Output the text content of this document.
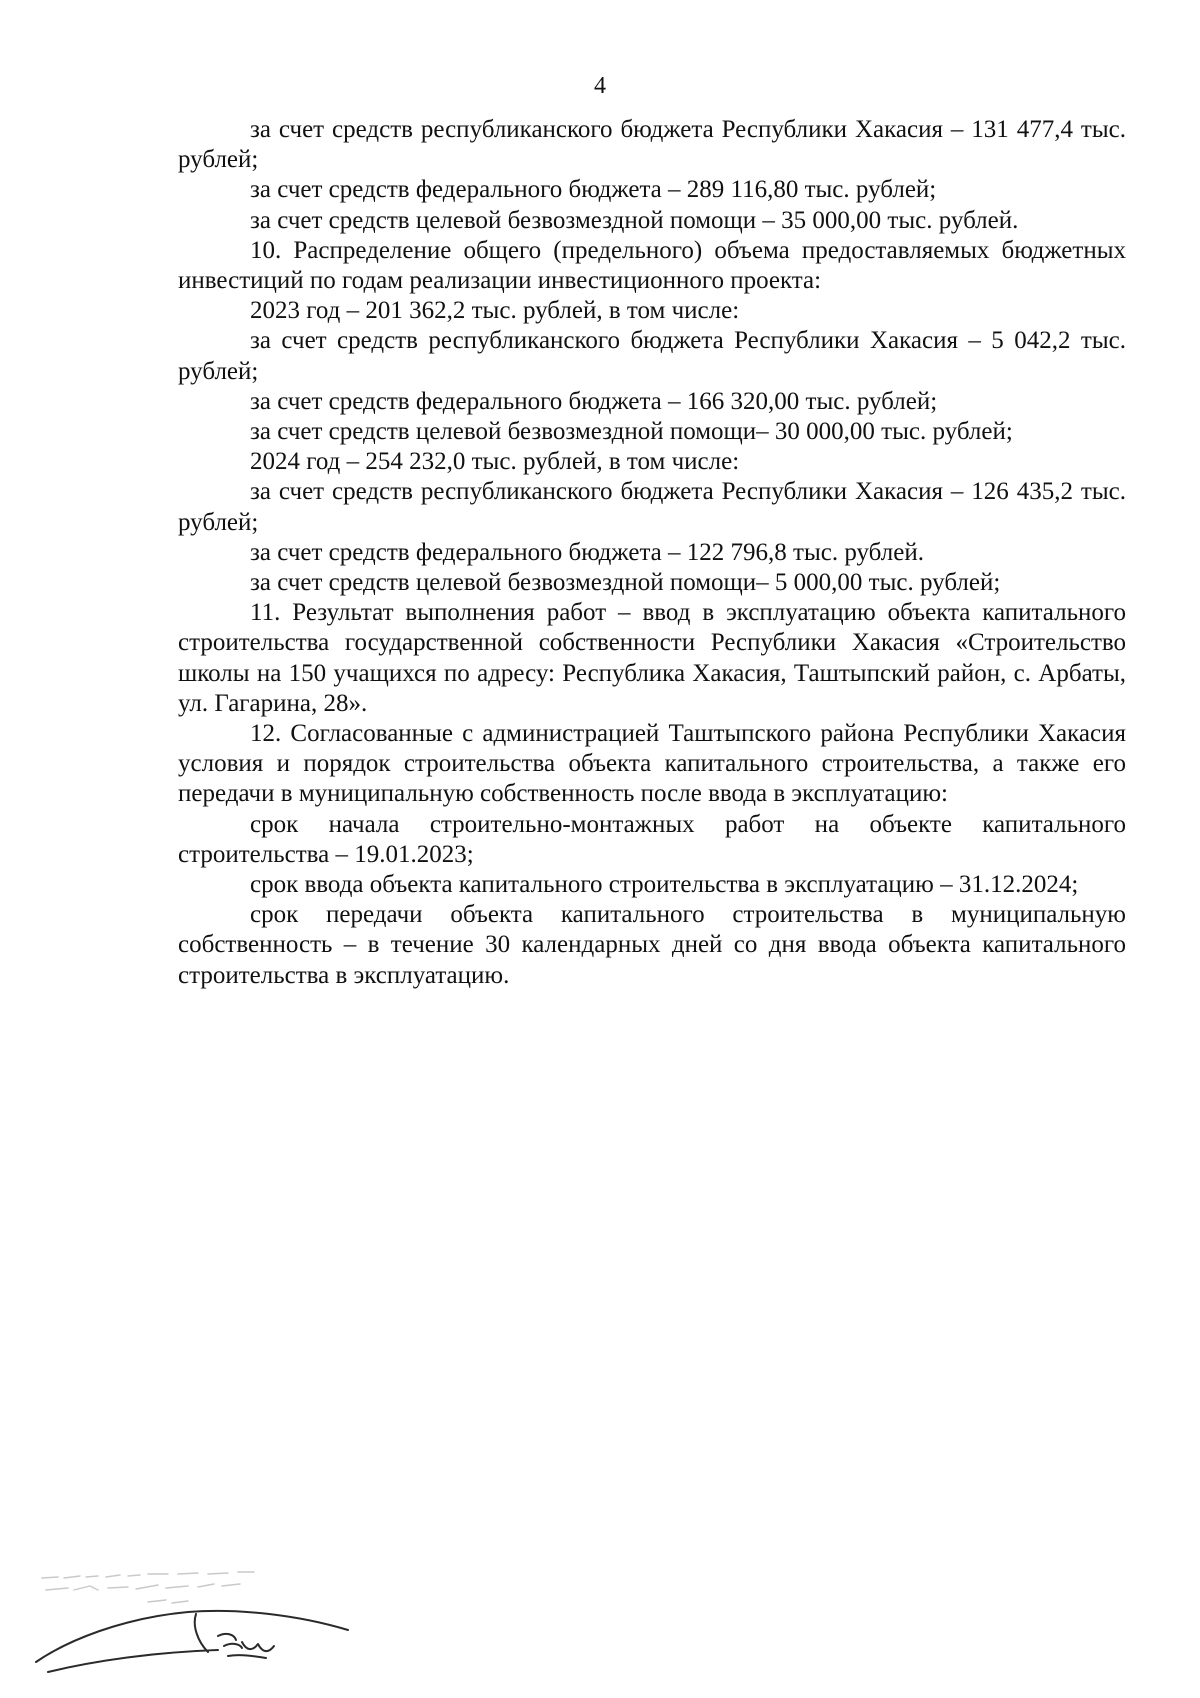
4

за счет средств республиканского бюджета Республики Хакасия – 131 477,4 тыс. рублей;

за счет средств федерального бюджета – 289 116,80 тыс. рублей;

за счет средств целевой безвозмездной помощи – 35 000,00 тыс. рублей.

10. Распределение общего (предельного) объема предоставляемых бюджетных инвестиций по годам реализации инвестиционного проекта:

2023 год – 201 362,2 тыс. рублей, в том числе:

за счет средств республиканского бюджета Республики Хакасия – 5 042,2 тыс. рублей;

за счет средств федерального бюджета – 166 320,00 тыс. рублей;

за счет средств целевой безвозмездной помощи– 30 000,00 тыс. рублей;

2024 год – 254 232,0 тыс. рублей, в том числе:

за счет средств республиканского бюджета Республики Хакасия – 126 435,2 тыс. рублей;

за счет средств федерального бюджета – 122 796,8 тыс. рублей.

за счет средств целевой безвозмездной помощи– 5 000,00 тыс. рублей;

11. Результат выполнения работ – ввод в эксплуатацию объекта капитального строительства государственной собственности Республики Хакасия «Строительство школы на 150 учащихся по адресу: Республика Хакасия, Таштыпский район, с. Арбаты, ул. Гагарина, 28».

12. Согласованные с администрацией Таштыпского района Республики Хакасия условия и порядок строительства объекта капитального строительства, а также его передачи в муниципальную собственность после ввода в эксплуатацию:

срок начала строительно-монтажных работ на объекте капитального строительства – 19.01.2023;

срок ввода объекта капитального строительства в эксплуатацию – 31.12.2024;

срок передачи объекта капитального строительства в муниципальную собственность – в течение 30 календарных дней со дня ввода объекта капитального строительства в эксплуатацию.
